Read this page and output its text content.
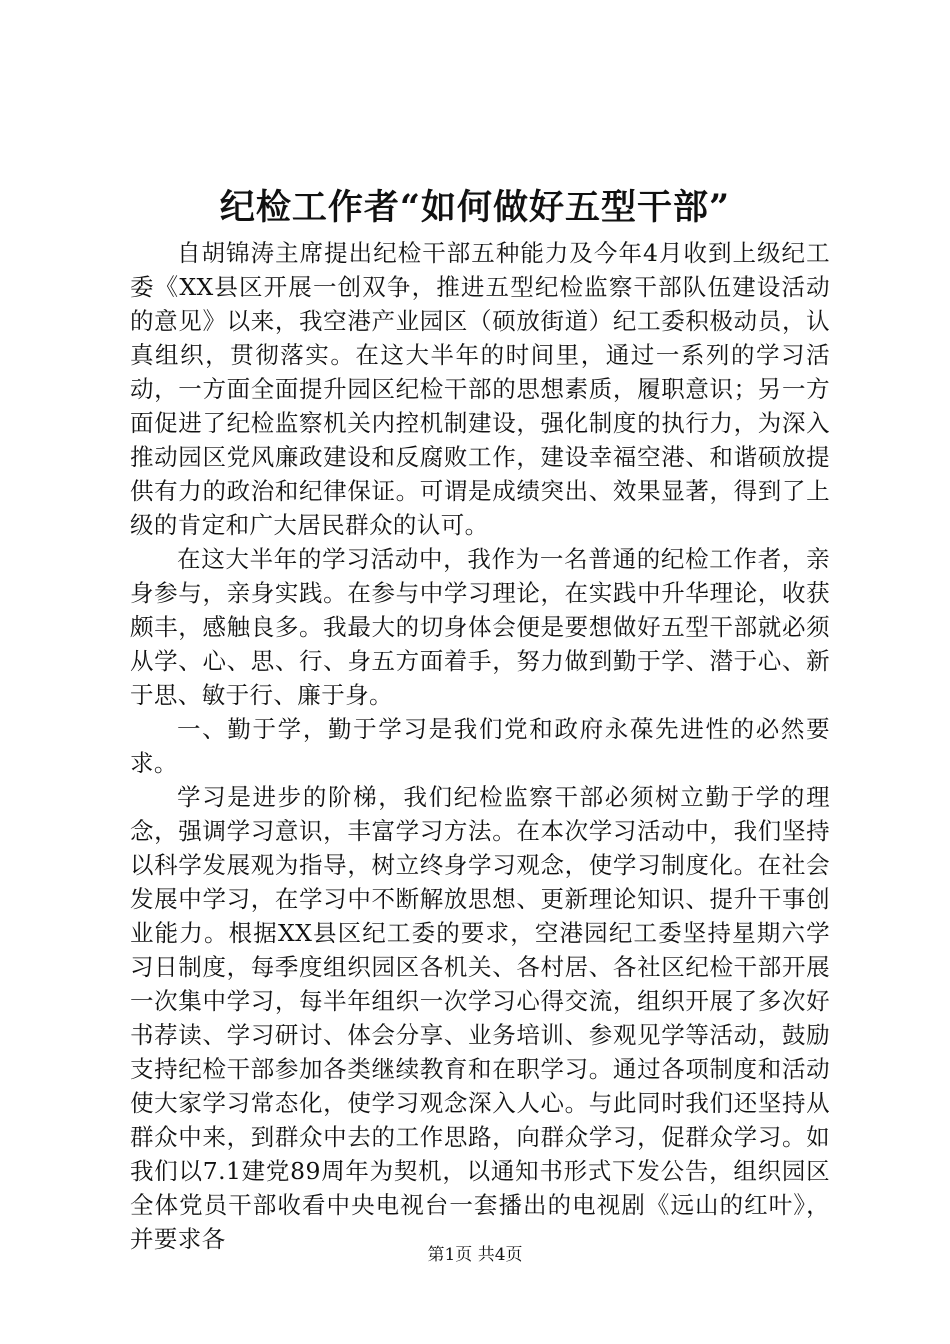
纪检工作者“如何做好五型干部”

自胡锦涛主席提出纪检干部五种能力及今年4月收到上级纪工委《XX县区开展一创双争，推进五型纪检监察干部队伍建设活动的意见》以来，我空港产业园区（硕放街道）纪工委积极动员，认真组织，贯彻落实。在这大半年的时间里，通过一系列的学习活动，一方面全面提升园区纪检干部的思想素质，履职意识；另一方面促进了纪检监察机关内控机制建设，强化制度的执行力，为深入推动园区党风廉政建设和反腐败工作，建设幸福空港、和谐硕放提供有力的政治和纪律保证。可谓是成绩突出、效果显著，得到了上级的肯定和广大居民群众的认可。

在这大半年的学习活动中，我作为一名普通的纪检工作者，亲身参与，亲身实践。在参与中学习理论，在实践中升华理论，收获颇丰，感触良多。我最大的切身体会便是要想做好五型干部就必须从学、心、思、行、身五方面着手，努力做到勤于学、潜于心、新于思、敏于行、廉于身。

一、勤于学，勤于学习是我们党和政府永葆先进性的必然要求。

学习是进步的阶梯，我们纪检监察干部必须树立勤于学的理念，强调学习意识，丰富学习方法。在本次学习活动中，我们坚持以科学发展观为指导，树立终身学习观念，使学习制度化。在社会发展中学习，在学习中不断解放思想、更新理论知识、提升干事创业能力。根据XX县区纪工委的要求，空港园纪工委坚持星期六学习日制度，每季度组织园区各机关、各村居、各社区纪检干部开展一次集中学习，每半年组织一次学习心得交流，组织开展了多次好书荐读、学习研讨、体会分享、业务培训、参观见学等活动，鼓励支持纪检干部参加各类继续教育和在职学习。通过各项制度和活动使大家学习常态化，使学习观念深入人心。与此同时我们还坚持从群众中来，到群众中去的工作思路，向群众学习，促群众学习。如我们以7.1建党89周年为契机，以通知书形式下发公告，组织园区全体党员干部收看中央电视台一套播出的电视剧《远山的红叶》，并要求各

第1页 共4页
